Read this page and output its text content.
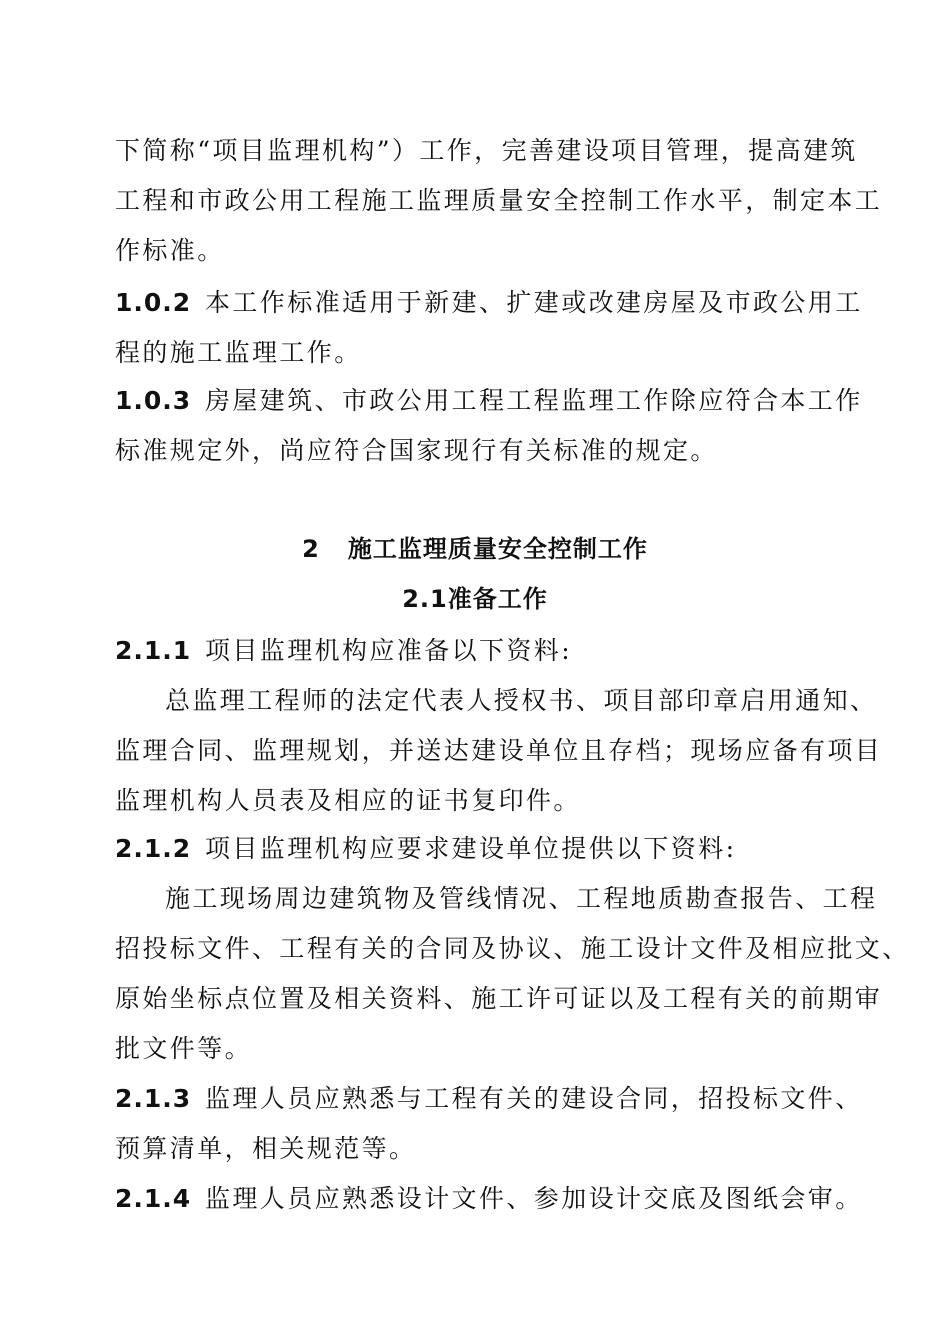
下简称“项目监理机构”）工作，完善建设项目管理，提高建筑
工程和市政公用工程施工监理质量安全控制工作水平，制定本工
作标准。
1.0.2 本工作标准适用于新建、扩建或改建房屋及市政公用工
程的施工监理工作。
1.0.3 房屋建筑、市政公用工程工程监理工作除应符合本工作
标准规定外，尚应符合国家现行有关标准的规定。
2 施工监理质量安全控制工作
2.1准备工作
2.1.1 项目监理机构应准备以下资料:
总监理工程师的法定代表人授权书、项目部印章启用通知、
监理合同、监理规划，并送达建设单位且存档；现场应备有项目
监理机构人员表及相应的证书复印件。
2.1.2 项目监理机构应要求建设单位提供以下资料:
施工现场周边建筑物及管线情况、工程地质勘查报告、工程
招投标文件、工程有关的合同及协议、施工设计文件及相应批文、
原始坐标点位置及相关资料、施工许可证以及工程有关的前期审
批文件等。
2.1.3 监理人员应熟悉与工程有关的建设合同，招投标文件、
预算清单，相关规范等。
2.1.4 监理人员应熟悉设计文件、参加设计交底及图纸会审。
